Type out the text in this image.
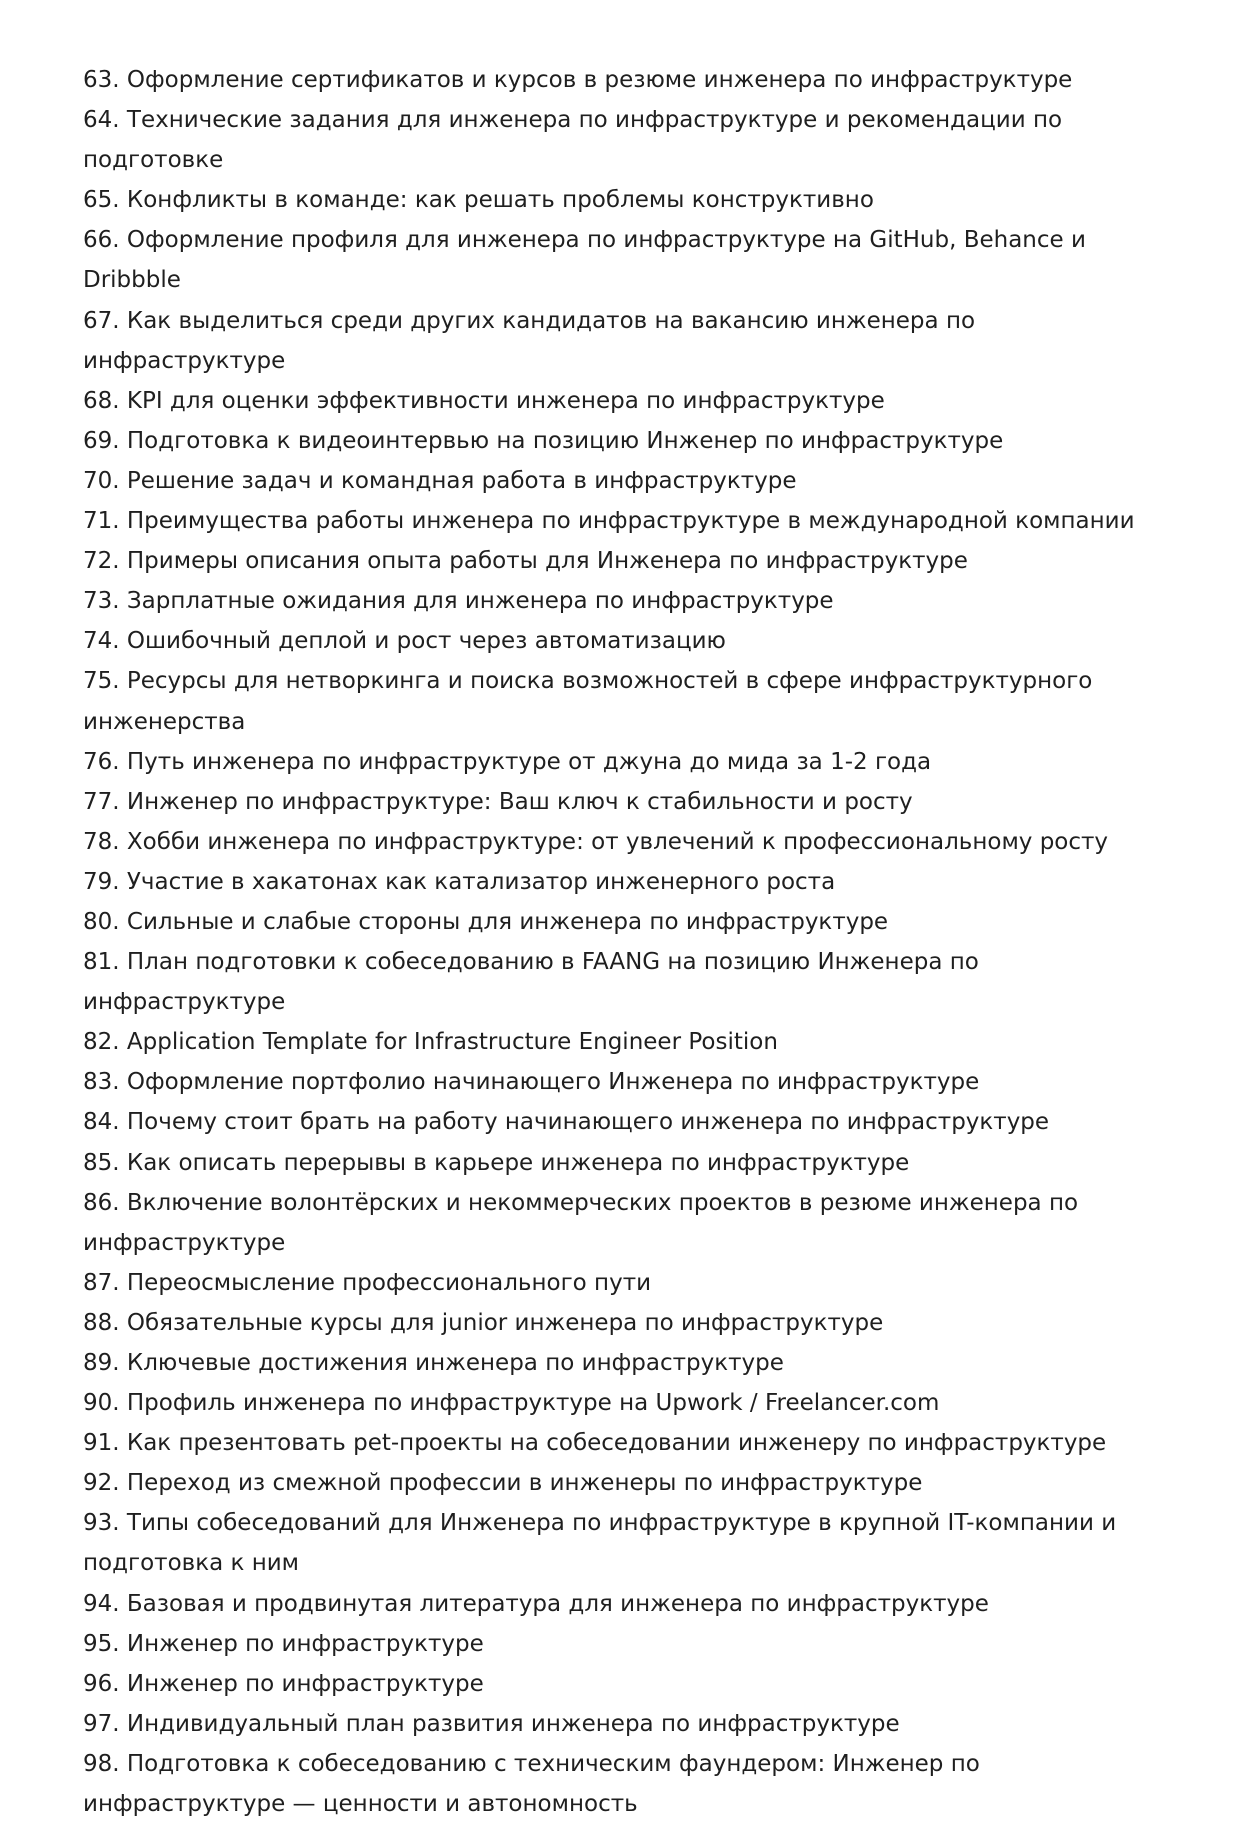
63. Оформление сертификатов и курсов в резюме инженера по инфраструктуре

64. Технические задания для инженера по инфраструктуре и рекомендации по подготовке

65. Конфликты в команде: как решать проблемы конструктивно

66. Оформление профиля для инженера по инфраструктуре на GitHub, Behance и Dribbble

67. Как выделиться среди других кандидатов на вакансию инженера по инфраструктуре

68. KPI для оценки эффективности инженера по инфраструктуре

69. Подготовка к видеоинтервью на позицию Инженер по инфраструктуре

70. Решение задач и командная работа в инфраструктуре

71. Преимущества работы инженера по инфраструктуре в международной компании

72. Примеры описания опыта работы для Инженера по инфраструктуре

73. Зарплатные ожидания для инженера по инфраструктуре

74. Ошибочный деплой и рост через автоматизацию

75. Ресурсы для нетворкинга и поиска возможностей в сфере инфраструктурного инженерства

76. Путь инженера по инфраструктуре от джуна до мида за 1-2 года

77. Инженер по инфраструктуре: Ваш ключ к стабильности и росту

78. Хобби инженера по инфраструктуре: от увлечений к профессиональному росту

79. Участие в хакатонах как катализатор инженерного роста

80. Сильные и слабые стороны для инженера по инфраструктуре

81. План подготовки к собеседованию в FAANG на позицию Инженера по инфраструктуре

82. Application Template for Infrastructure Engineer Position

83. Оформление портфолио начинающего Инженера по инфраструктуре

84. Почему стоит брать на работу начинающего инженера по инфраструктуре

85. Как описать перерывы в карьере инженера по инфраструктуре

86. Включение волонтёрских и некоммерческих проектов в резюме инженера по инфраструктуре

87. Переосмысление профессионального пути

88. Обязательные курсы для junior инженера по инфраструктуре

89. Ключевые достижения инженера по инфраструктуре

90. Профиль инженера по инфраструктуре на Upwork / Freelancer.com

91. Как презентовать pet-проекты на собеседовании инженеру по инфраструктуре

92. Переход из смежной профессии в инженеры по инфраструктуре

93. Типы собеседований для Инженера по инфраструктуре в крупной IT-компании и подготовка к ним

94. Базовая и продвинутая литература для инженера по инфраструктуре

95. Инженер по инфраструктуре

96. Инженер по инфраструктуре

97. Индивидуальный план развития инженера по инфраструктуре

98. Подготовка к собеседованию с техническим фаундером: Инженер по инфраструктуре — ценности и автономность
